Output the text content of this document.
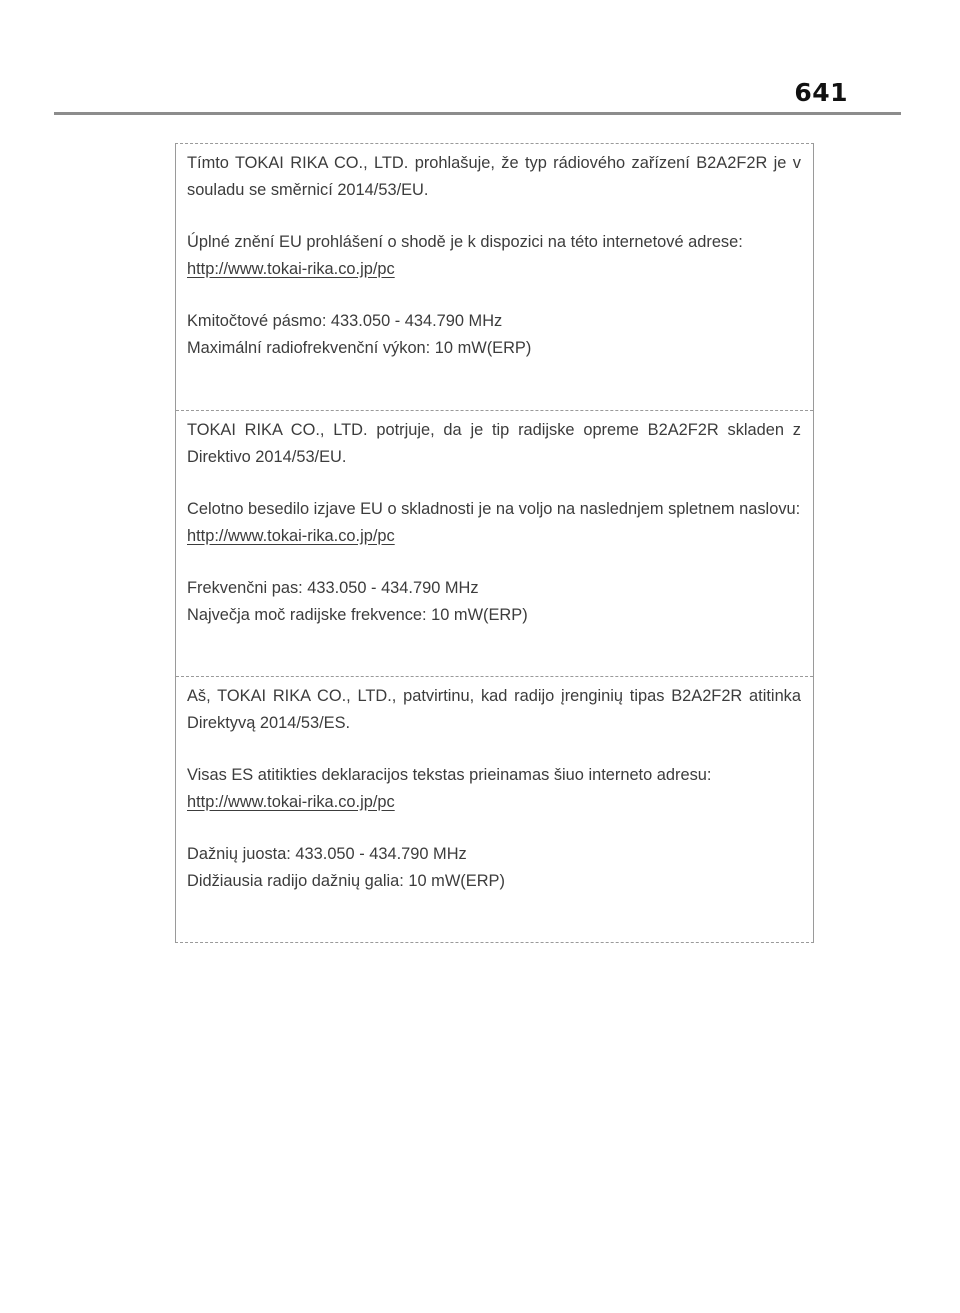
641

Tímto TOKAI RIKA CO., LTD. prohlašuje, že typ rádiového zařízení B2A2F2R je v souladu se směrnicí 2014/53/EU.

Úplné znění EU prohlášení o shodě je k dispozici na této internetové adrese:

http://www.tokai-rika.co.jp/pc

Kmitočtové pásmo: 433.050 - 434.790 MHz

Maximální radiofrekvenční výkon: 10 mW(ERP)

TOKAI RIKA CO., LTD. potrjuje, da je tip radijske opreme B2A2F2R skladen z Direktivo 2014/53/EU.

Celotno besedilo izjave EU o skladnosti je na voljo na naslednjem spletnem naslovu:

http://www.tokai-rika.co.jp/pc

Frekvenčni pas: 433.050 - 434.790 MHz

Največja moč radijske frekvence: 10 mW(ERP)

Aš, TOKAI RIKA CO., LTD., patvirtinu, kad radijo įrenginių tipas B2A2F2R atitinka Direktyvą 2014/53/ES.

Visas ES atitikties deklaracijos tekstas prieinamas šiuo interneto adresu:

http://www.tokai-rika.co.jp/pc

Dažnių juosta: 433.050 - 434.790 MHz

Didžiausia radijo dažnių galia: 10 mW(ERP)
